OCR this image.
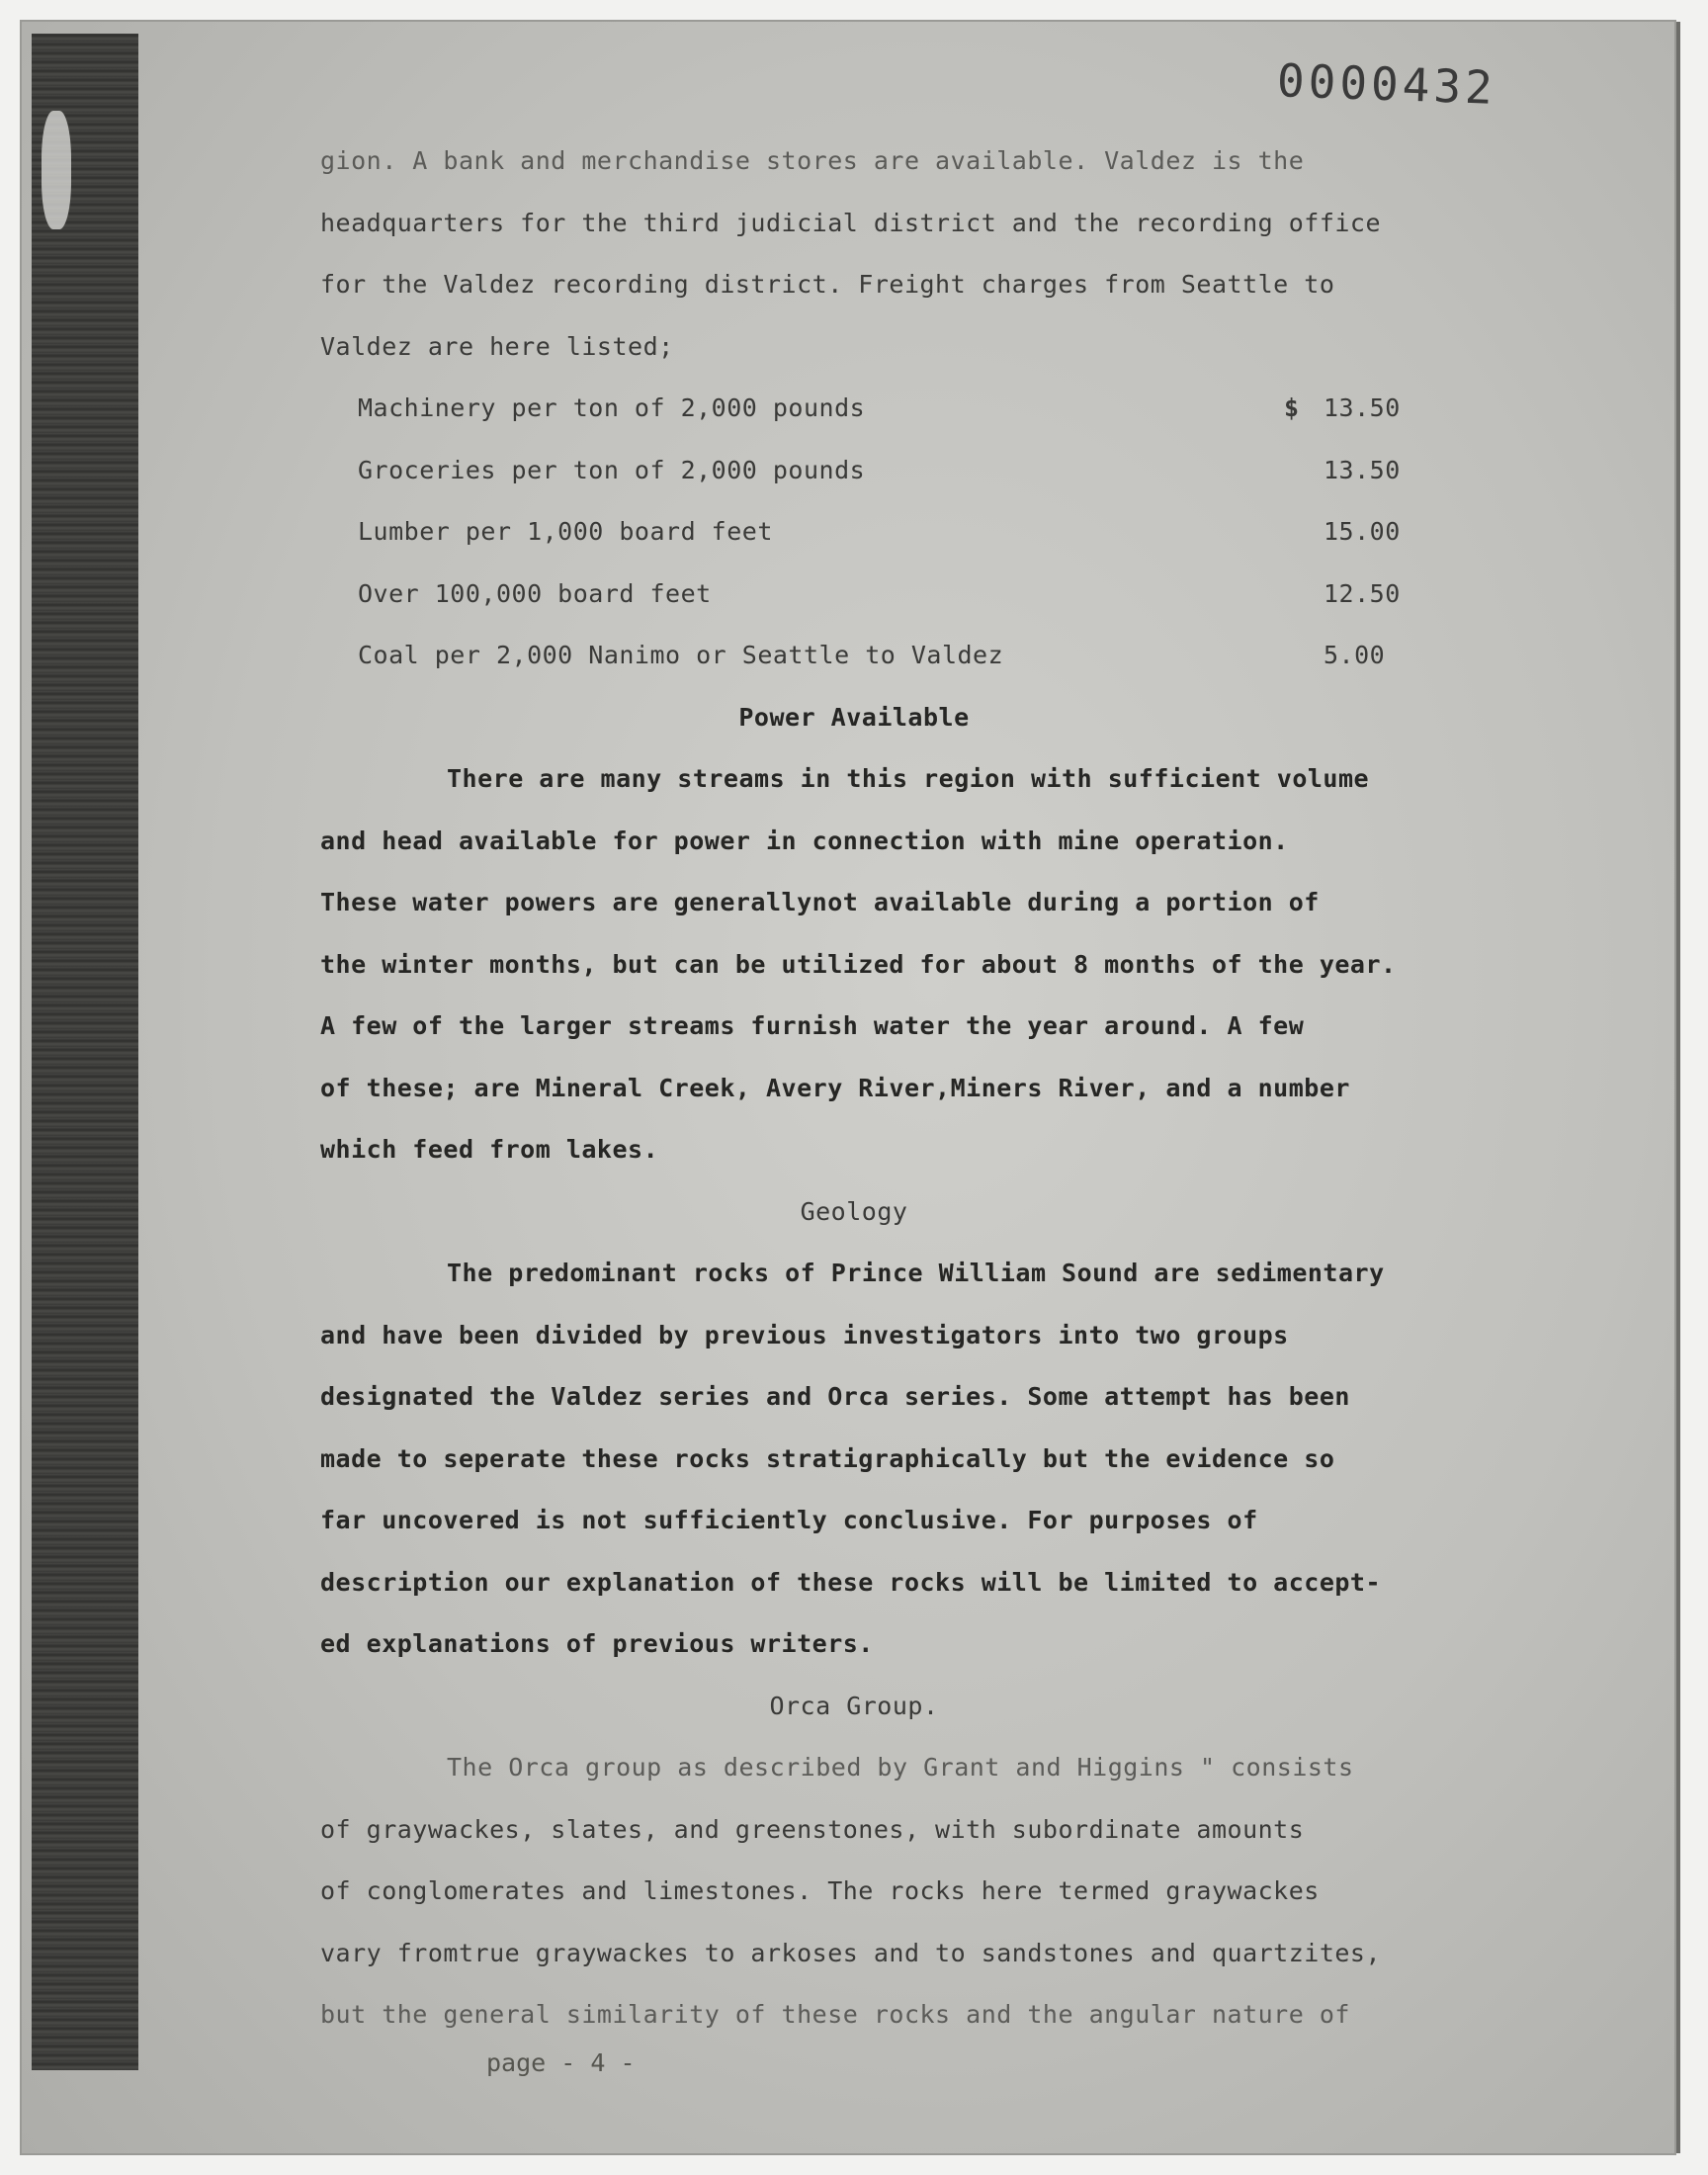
0000432
gion. A bank and merchandise stores are available. Valdez is the
headquarters for the third judicial district and the recording office
for the Valdez recording district. Freight charges from Seattle to
Valdez are here listed;
Machinery per ton of 2,000 pounds	$ 13.50
Groceries per ton of 2,000 pounds	13.50
Lumber per 1,000 board feet	15.00
Over 100,000 board feet	12.50
Coal per 2,000 Nanimo or Seattle to Valdez	5.00
Power Available
There are many streams in this region with sufficient volume
and head available for power in connection with mine operation.
These water powers are generallynot available during a portion of
the winter months, but can be utilized for about 8 months of the year.
A few of the larger streams furnish water the year around. A few
of these; are Mineral Creek, Avery River,Miners River, and a number
which feed from lakes.
Geology
The predominant rocks of Prince William Sound are sedimentary
and have been divided by previous investigators into two groups
designated the Valdez series and Orca series. Some attempt has been
made to seperate these rocks stratigraphically but the evidence so
far uncovered is not sufficiently conclusive. For purposes of
description our explanation of these rocks will be limited to accept-
ed explanations of previous writers.
Orca Group.
The Orca group as described by Grant and Higgins " consists
of graywackes, slates, and greenstones, with subordinate amounts
of conglomerates and limestones. The rocks here termed graywackes
vary fromtrue graywackes to arkoses and to sandstones and quartzites,
but the general similarity of these rocks and the angular nature of
page - 4 -
